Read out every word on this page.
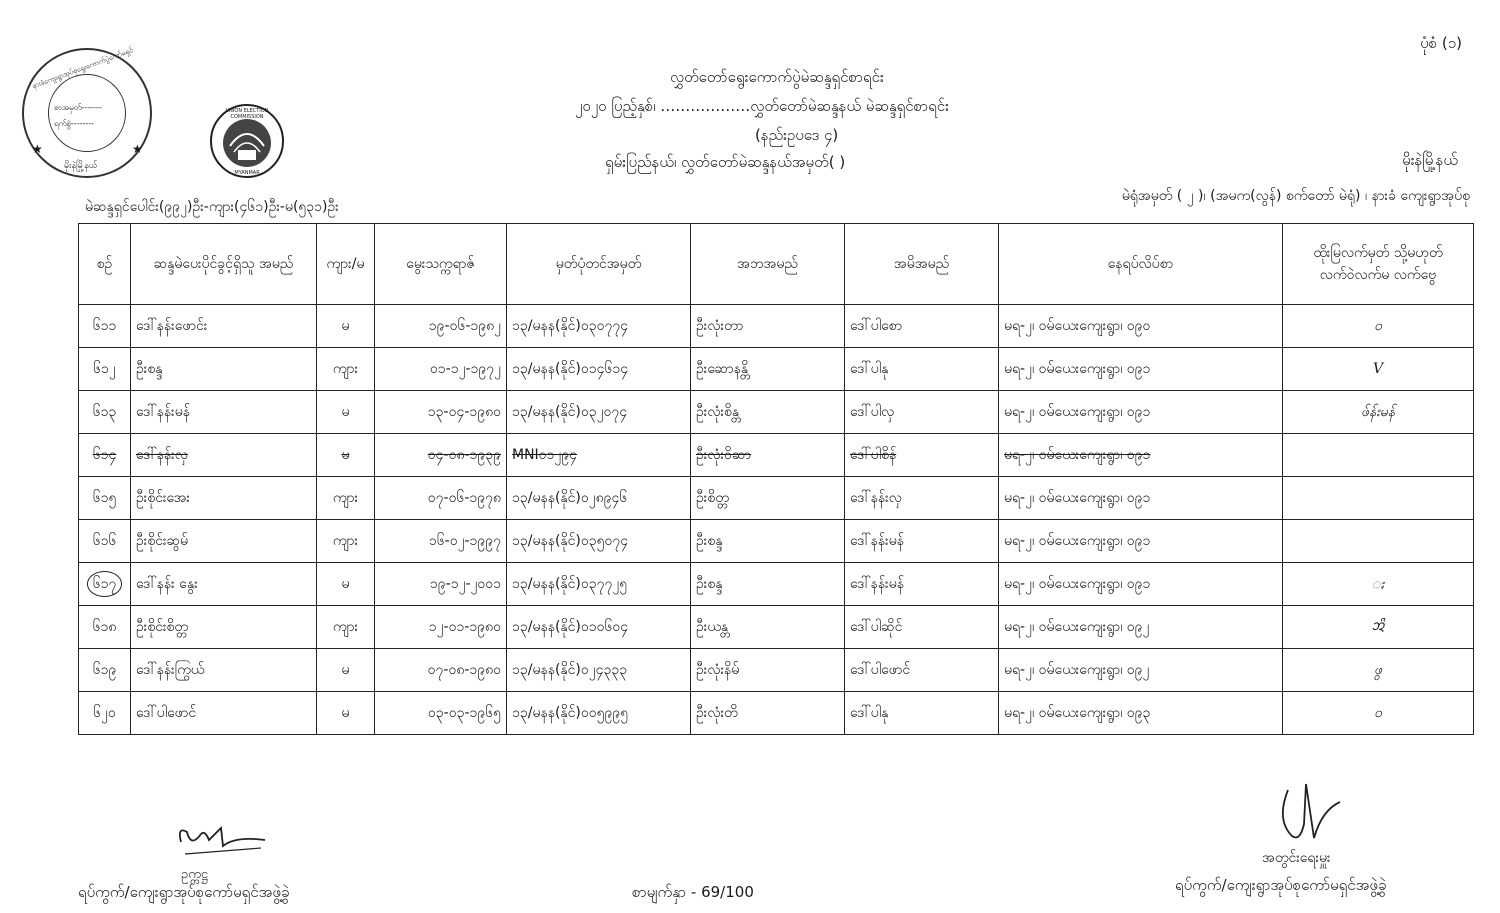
နားခံကျေးရွာအုပ်စုရွေးကောက်ပွဲကော်မရှင်
စာအမှတ်-------
ရက်စွဲ--------
မိုးနဲမြို့နယ်
★	★
UNION ELECTION COMMISSION
MYANMAR
ပုံစံ (၁)
လွှတ်တော်ရွေးကောက်ပွဲမဲဆန္ဒရှင်စာရင်း
၂၀၂၀ ပြည့်နှစ်၊ ………………လွှတ်တော်မဲဆန္ဒနယ် မဲဆန္ဒရှင်စာရင်း
(နည်းဥပဒေ ၄)
ရှမ်းပြည်နယ်၊ လွှတ်တော်မဲဆန္ဒနယ်အမှတ်( )	မိုးနဲမြို့နယ်
မဲဆန္ဒရှင်ပေါင်း(၉၉၂)ဦး-ကျား(၄၆၁)ဦး-မ(၅၃၁)ဦး
မဲရုံအမှတ် ( ၂ )၊ (အမက(လွန်) စက်တော် မဲရုံ) ၊ နားခံ ကျေးရွာအုပ်စု
စဉ်	ဆန္ဒမဲပေးပိုင်ခွင့်ရှိသူ အမည်	ကျား/မ	မွေးသက္ကရာဇ်	မှတ်ပုံတင်အမှတ်	အဘအမည်	အမိအမည်	နေရပ်လိပ်စာ	ထိုးမြလက်မှတ် သို့မဟုတ် လက်ဝဲလက်မ လက်ဗွေ
၆၁၁	ဒေါ်နန်းဖောင်း	မ	၁၉-၀၆-၁၉၈၂	၁၃/မနန(နိုင်)၀၃၀၇၇၄	ဦးလုံးတာ	ဒေါ်ပါစော	မရ-၂၊ ဝမ်ယေးကျေးရွာ၊ ၀၉၀	ဝ
၆၁၂	ဦးစန္ဒ	ကျား	၀၁-၁၂-၁၉၇၂	၁၃/မနန(နိုင်)၀၁၄၆၁၄	ဦးဆောနန္တိ	ဒေါ်ပါနု	မရ-၂၊ ဝမ်ယေးကျေးရွာ၊ ၀၉၁	V
၆၁၃	ဒေါ်နန်းမန်	မ	၁၃-၀၄-၁၉၈၀	၁၃/မနန(နိုင်)၀၃၂၀၇၄	ဦးလုံးစိန္တ	ဒေါ်ပါလှ	မရ-၂၊ ဝမ်ယေးကျေးရွာ၊ ၀၉၁	ဖ်န်းမန်
၆၁၄	ဒေါ်နန်းလှ	မ	၀၄-၀၈-၁၉၃၉	MNI၀၁၂၉၄	ဦးလုံးဝိဆာ	ဒေါ်ပါစိန်	မရ-၂၊ ဝမ်ယေးကျေးရွာ၊ ၀၉၁	
၆၁၅	ဦးစိုင်းအေး	ကျား	၀၇-၀၆-၁၉၇၈	၁၃/မနန(နိုင်)၀၂၈၉၄၆	ဦးစိတ္တ	ဒေါ်နန်းလှ	မရ-၂၊ ဝမ်ယေးကျေးရွာ၊ ၀၉၁	
၆၁၆	ဦးစိုင်းဆွမ်	ကျား	၁၆-၀၂-၁၉၉၇	၁၃/မနန(နိုင်)၀၃၅၀၇၄	ဦးစန္ဒ	ဒေါ်နန်းမန်	မရ-၂၊ ဝမ်ယေးကျေးရွာ၊ ၀၉၁	
၆၁၇	ဒေါ်နန်း နွေး	မ	၁၉-၁၂-၂၀၀၁	၁၃/မနန(နိုင်)၀၃၇၇၂၅	ဦးစန္ဒ	ဒေါ်နန်းမန်	မရ-၂၊ ဝမ်ယေးကျေးရွာ၊ ၀၉၁	ႏ
၆၁၈	ဦးစိုင်းစိတ္တ	ကျား	၁၂-၀၁-၁၉၈၀	၁၃/မနန(နိုင်)၀၁၀၆၀၄	ဦးယန္တ	ဒေါ်ပါဆိုင်	မရ-၂၊ ဝမ်ယေးကျေးရွာ၊ ၀၉၂	ᩋᩦ
၆၁၉	ဒေါ်နန်းကြွယ်	မ	၀၇-၀၈-၁၉၈၀	၁၃/မနန(နိုင်)၀၂၄၃၃၃	ဦးလုံးနိမ်	ဒေါ်ပါဖောင်	မရ-၂၊ ဝမ်ယေးကျေးရွာ၊ ၀၉၂	ဖွ
၆၂၀	ဒေါ်ပါဖောင်	မ	၀၃-၀၃-၁၉၆၅	၁၃/မနန(နိုင်)၀၀၅၉၉၅	ဦးလုံးတိ	ဒေါ်ပါနု	မရ-၂၊ ဝမ်ယေးကျေးရွာ၊ ၀၉၃	ဝ
ဥက္ကဋ္ဌ
အတွင်းရေးမှူး
ရပ်ကွက်/ကျေးရွာအုပ်စုကော်မရှင်အဖွဲ့ခွဲ	စာမျက်နှာ - 69/100	ရပ်ကွက်/ကျေးရွာအုပ်စုကော်မရှင်အဖွဲ့ခွဲ
